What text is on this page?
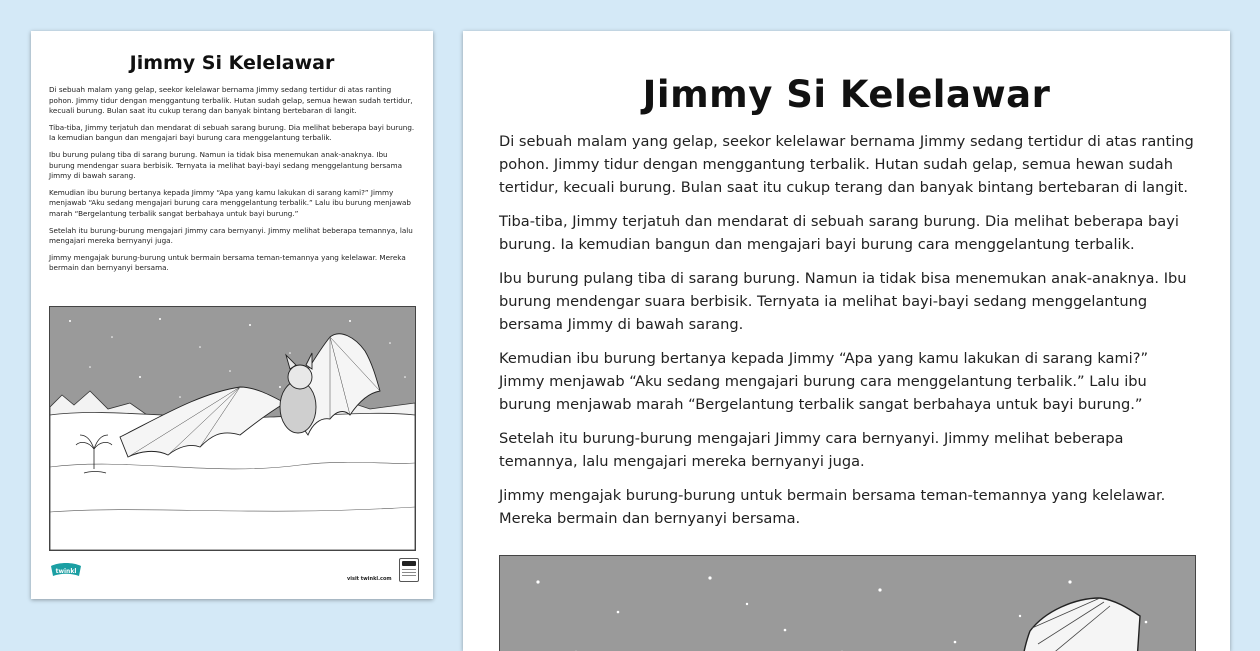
Jimmy Si Kelelawar

Di sebuah malam yang gelap, seekor kelelawar bernama Jimmy sedang tertidur di atas ranting pohon. Jimmy tidur dengan menggantung terbalik. Hutan sudah gelap, semua hewan sudah tertidur, kecuali burung. Bulan saat itu cukup terang dan banyak bintang bertebaran di langit.

Tiba-tiba, Jimmy terjatuh dan mendarat di sebuah sarang burung. Dia melihat beberapa bayi burung. Ia kemudian bangun dan mengajari bayi burung cara menggelantung terbalik.

Ibu burung pulang tiba di sarang burung. Namun ia tidak bisa menemukan anak-anaknya. Ibu burung mendengar suara berbisik. Ternyata ia melihat bayi-bayi sedang menggelantung bersama Jimmy di bawah sarang.

Kemudian ibu burung bertanya kepada Jimmy “Apa yang kamu lakukan di sarang kami?” Jimmy menjawab “Aku sedang mengajari burung cara menggelantung terbalik.” Lalu ibu burung menjawab marah “Bergelantung terbalik sangat berbahaya untuk bayi burung.”

Setelah itu burung-burung mengajari Jimmy cara bernyanyi. Jimmy melihat beberapa temannya, lalu mengajari mereka bernyanyi juga.

Jimmy mengajak burung-burung untuk bermain bersama teman-temannya yang kelelawar. Mereka bermain dan bernyanyi bersama.

twinkl
visit twinkl.com
Jimmy Si Kelelawar

Di sebuah malam yang gelap, seekor kelelawar bernama Jimmy sedang tertidur di atas ranting pohon. Jimmy tidur dengan menggantung terbalik. Hutan sudah gelap, semua hewan sudah tertidur, kecuali burung. Bulan saat itu cukup terang dan banyak bintang bertebaran di langit.

Tiba-tiba, Jimmy terjatuh dan mendarat di sebuah sarang burung. Dia melihat beberapa bayi burung. Ia kemudian bangun dan mengajari bayi burung cara menggelantung terbalik.

Ibu burung pulang tiba di sarang burung. Namun ia tidak bisa menemukan anak-anaknya. Ibu burung mendengar suara berbisik. Ternyata ia melihat bayi-bayi sedang menggelantung bersama Jimmy di bawah sarang.

Kemudian ibu burung bertanya kepada Jimmy “Apa yang kamu lakukan di sarang kami?” Jimmy menjawab “Aku sedang mengajari burung cara menggelantung terbalik.” Lalu ibu burung menjawab marah “Bergelantung terbalik sangat berbahaya untuk bayi burung.”

Setelah itu burung-burung mengajari Jimmy cara bernyanyi. Jimmy melihat beberapa temannya, lalu mengajari mereka bernyanyi juga.

Jimmy mengajak burung-burung untuk bermain bersama teman-temannya yang kelelawar. Mereka bermain dan bernyanyi bersama.
